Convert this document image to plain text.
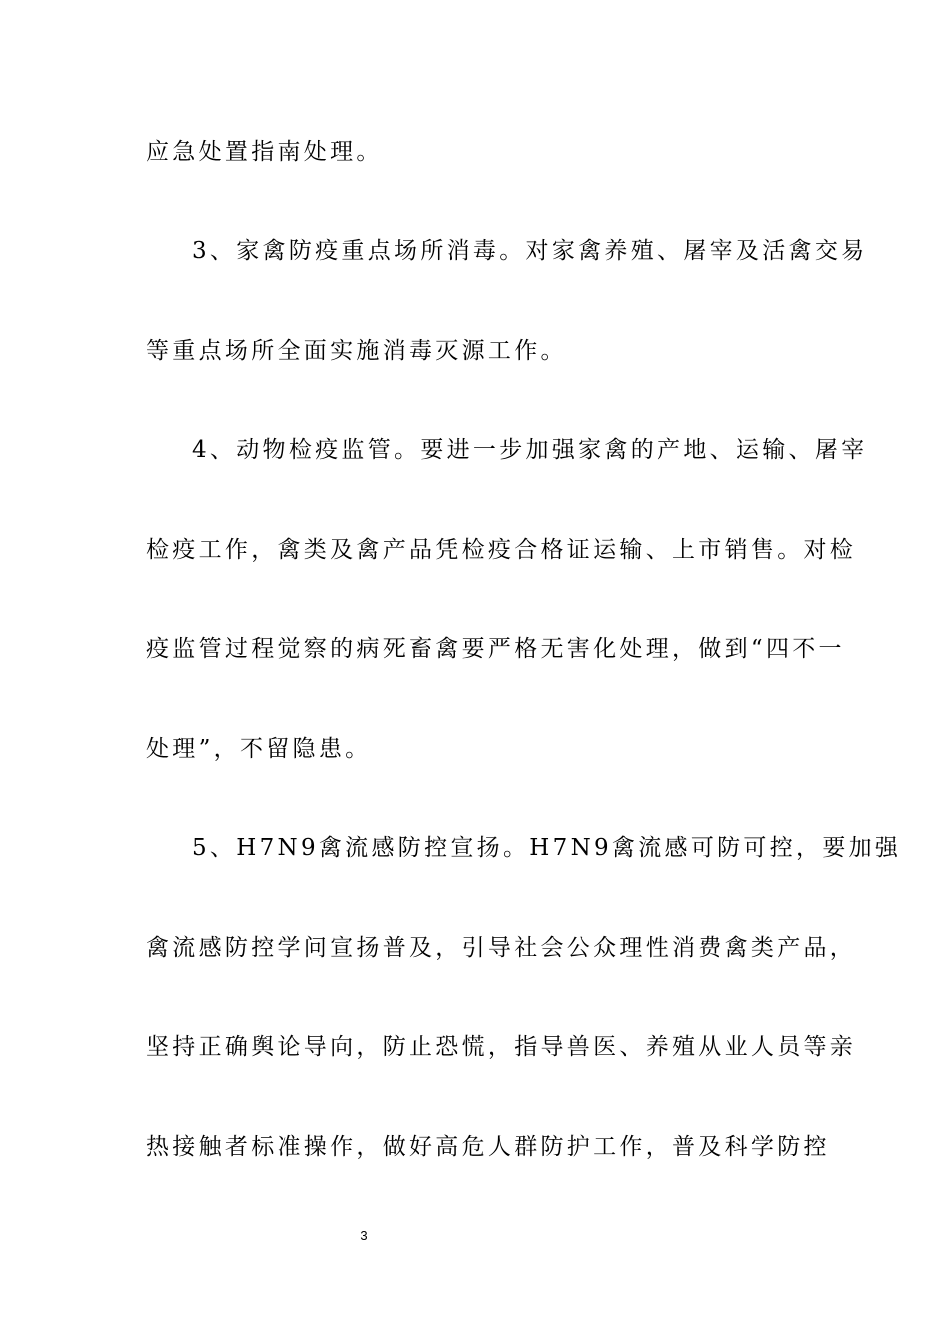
应急处置指南处理。
3、家禽防疫重点场所消毒。对家禽养殖、屠宰及活禽交易
等重点场所全面实施消毒灭源工作。
4、动物检疫监管。要进一步加强家禽的产地、运输、屠宰
检疫工作，禽类及禽产品凭检疫合格证运输、上市销售。对检
疫监管过程觉察的病死畜禽要严格无害化处理，做到“四不一
处理”，不留隐患。
5、H7N9禽流感防控宣扬。H7N9禽流感可防可控，要加强
禽流感防控学问宣扬普及，引导社会公众理性消费禽类产品，
坚持正确舆论导向，防止恐慌，指导兽医、养殖从业人员等亲
热接触者标准操作，做好高危人群防护工作，普及科学防控
3
